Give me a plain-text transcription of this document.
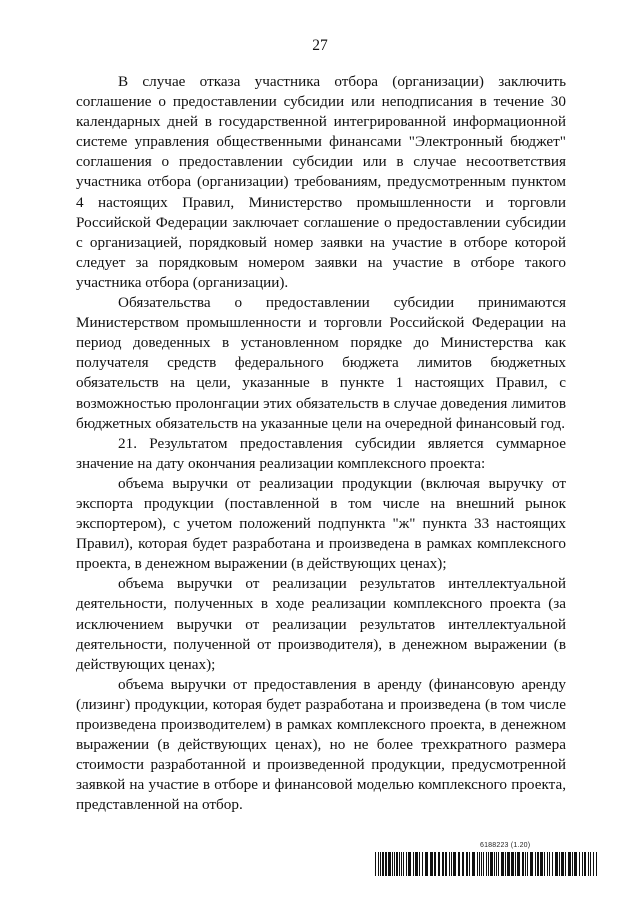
27

В случае отказа участника отбора (организации) заключить соглашение о предоставлении субсидии или неподписания в течение 30 календарных дней в государственной интегрированной информационной системе управления общественными финансами "Электронный бюджет" соглашения о предоставлении субсидии или в случае несоответствия участника отбора (организации) требованиям, предусмотренным пунктом 4 настоящих Правил, Министерство промышленности и торговли Российской Федерации заключает соглашение о предоставлении субсидии с организацией, порядковый номер заявки на участие в отборе которой следует за порядковым номером заявки на участие в отборе такого участника отбора (организации).

Обязательства о предоставлении субсидии принимаются Министерством промышленности и торговли Российской Федерации на период доведенных в установленном порядке до Министерства как получателя средств федерального бюджета лимитов бюджетных обязательств на цели, указанные в пункте 1 настоящих Правил, с возможностью пролонгации этих обязательств в случае доведения лимитов бюджетных обязательств на указанные цели на очередной финансовый год.

21. Результатом предоставления субсидии является суммарное значение на дату окончания реализации комплексного проекта:

объема выручки от реализации продукции (включая выручку от экспорта продукции (поставленной в том числе на внешний рынок экспортером), с учетом положений подпункта "ж" пункта 33 настоящих Правил), которая будет разработана и произведена в рамках комплексного проекта, в денежном выражении (в действующих ценах);

объема выручки от реализации результатов интеллектуальной деятельности, полученных в ходе реализации комплексного проекта (за исключением выручки от реализации результатов интеллектуальной деятельности, полученной от производителя), в денежном выражении (в действующих ценах);

объема выручки от предоставления в аренду (финансовую аренду (лизинг) продукции, которая будет разработана и произведена (в том числе произведена производителем) в рамках комплексного проекта, в денежном выражении (в действующих ценах), но не более трехкратного размера стоимости разработанной и произведенной продукции, предусмотренной заявкой на участие в отборе и финансовой моделью комплексного проекта, представленной на отбор.

6188223 (1.20)
